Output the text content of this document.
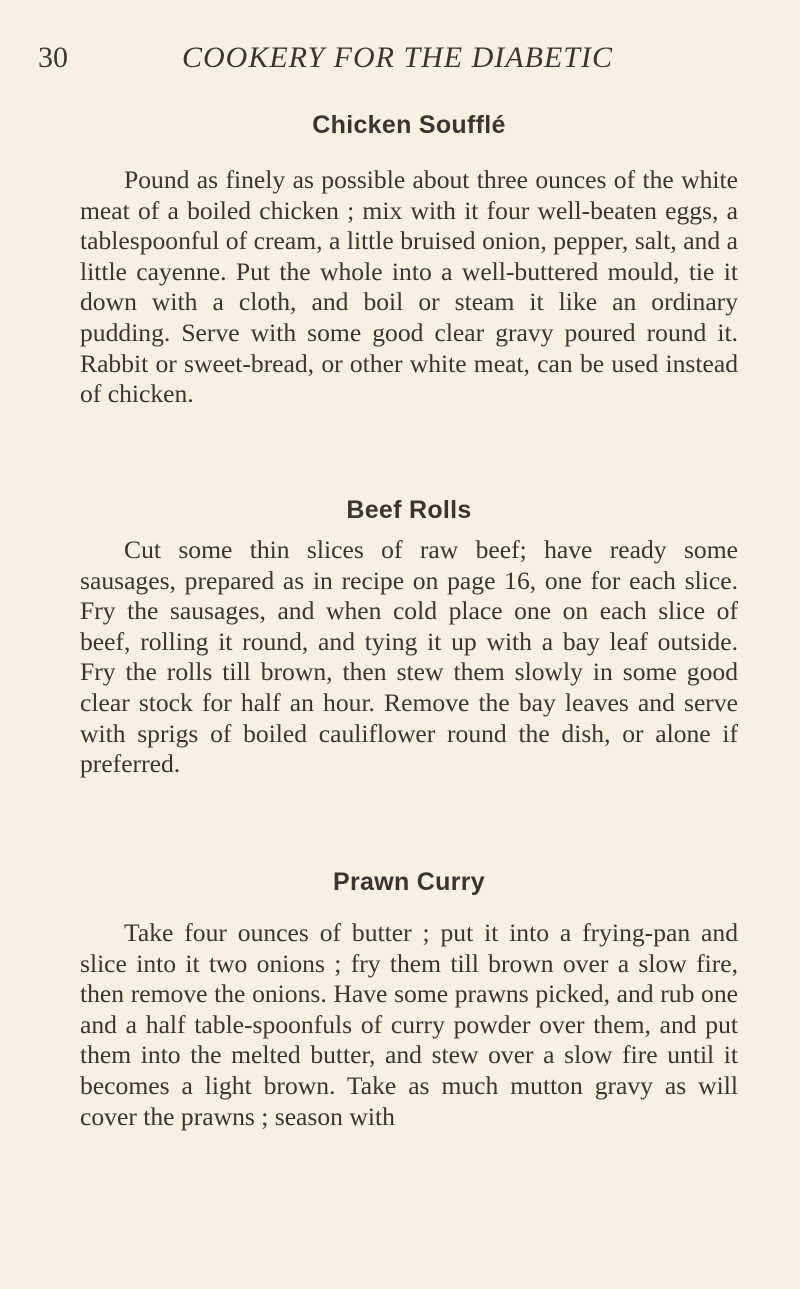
30	COOKERY FOR THE DIABETIC
Chicken Soufflé

Pound as finely as possible about three ounces of the white meat of a boiled chicken ; mix with it four well-beaten eggs, a tablespoonful of cream, a little bruised onion, pepper, salt, and a little cayenne. Put the whole into a well-buttered mould, tie it down with a cloth, and boil or steam it like an ordinary pudding. Serve with some good clear gravy poured round it. Rabbit or sweet-bread, or other white meat, can be used instead of chicken.

Beef Rolls

Cut some thin slices of raw beef; have ready some sausages, prepared as in recipe on page 16, one for each slice. Fry the sausages, and when cold place one on each slice of beef, rolling it round, and tying it up with a bay leaf outside. Fry the rolls till brown, then stew them slowly in some good clear stock for half an hour. Remove the bay leaves and serve with sprigs of boiled cauliflower round the dish, or alone if preferred.

Prawn Curry

Take four ounces of butter ; put it into a frying-pan and slice into it two onions ; fry them till brown over a slow fire, then remove the onions. Have some prawns picked, and rub one and a half table-spoonfuls of curry powder over them, and put them into the melted butter, and stew over a slow fire until it becomes a light brown. Take as much mutton gravy as will cover the prawns ; season with
